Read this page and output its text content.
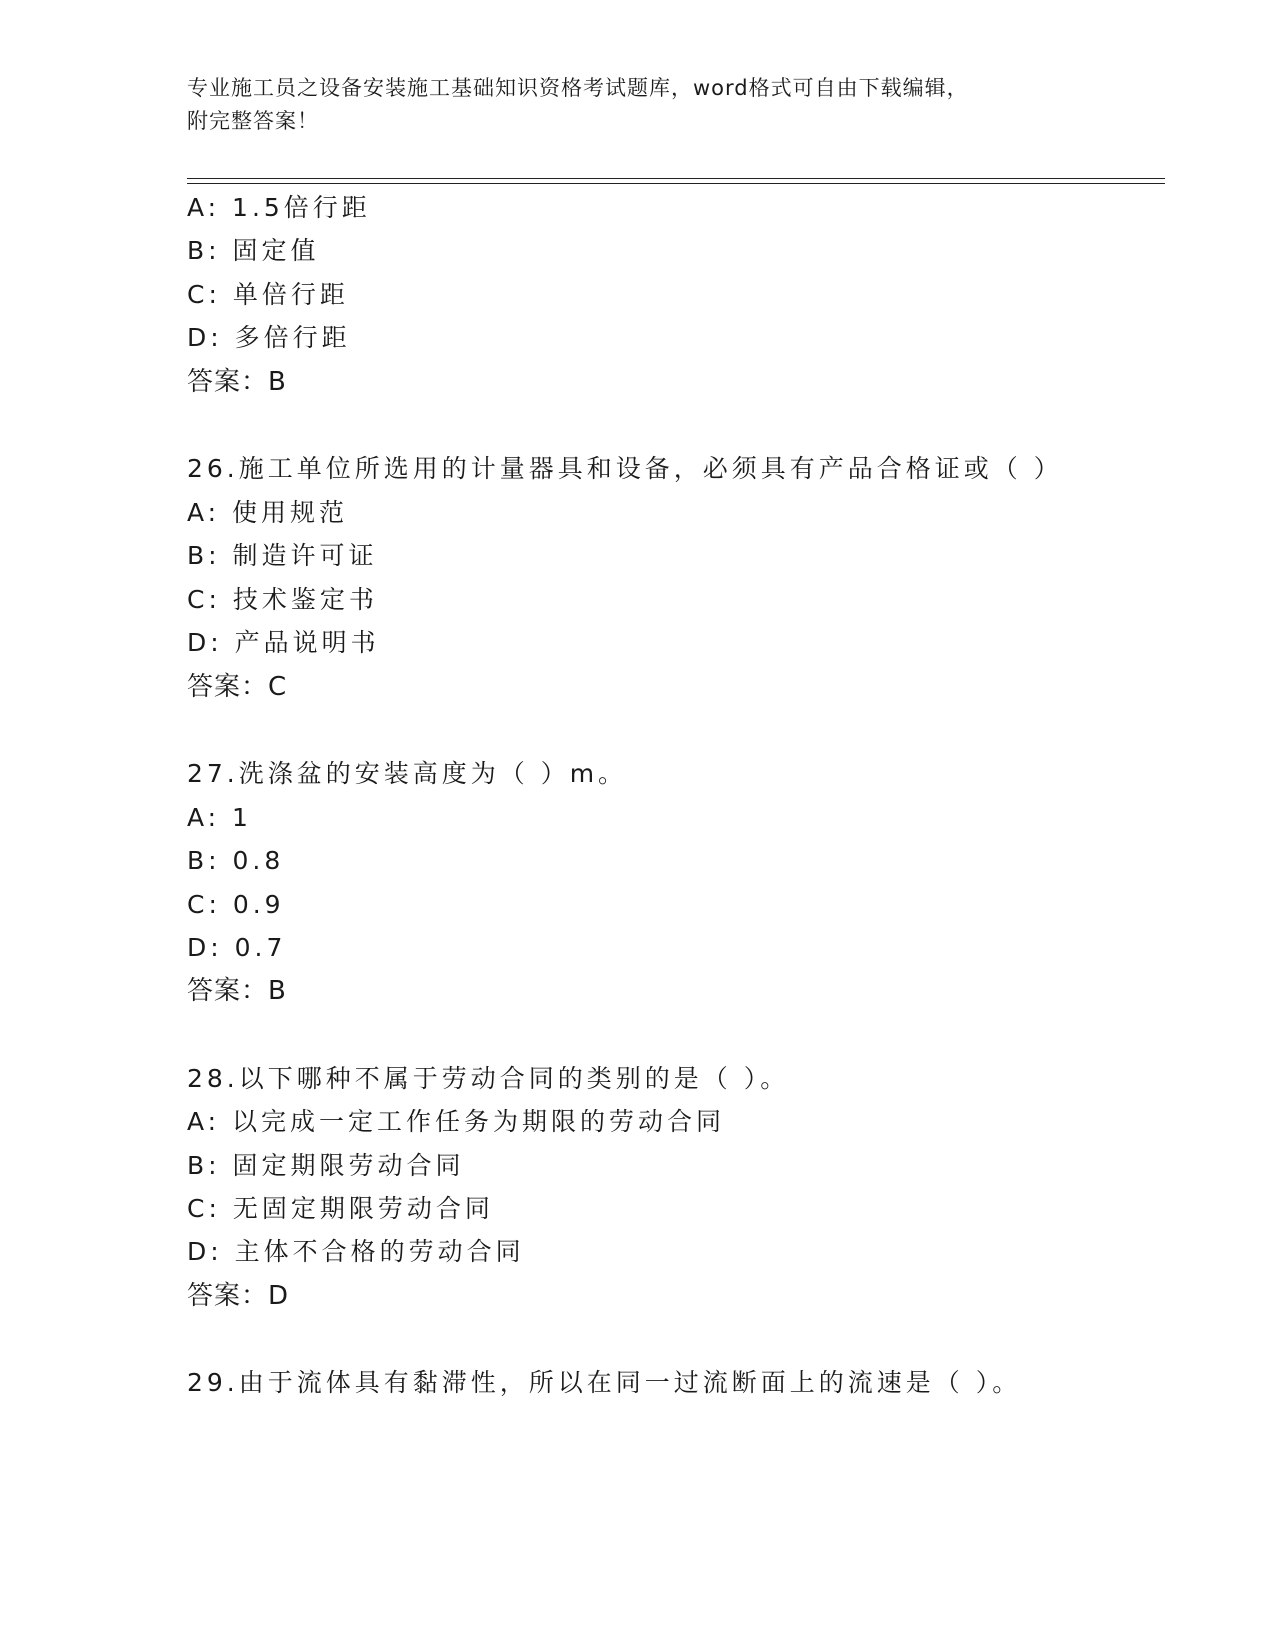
专业施工员之设备安装施工基础知识资格考试题库，word格式可自由下载编辑，
附完整答案！
A: 1.5倍行距
B: 固定值
C: 单倍行距
D: 多倍行距
答案：B
26.施工单位所选用的计量器具和设备，必须具有产品合格证或（ ）
A: 使用规范
B: 制造许可证
C: 技术鉴定书
D: 产品说明书
答案：C
27.洗涤盆的安装高度为（ ）m。
A: 1
B: 0.8
C: 0.9
D: 0.7
答案：B
28.以下哪种不属于劳动合同的类别的是（ ）。
A: 以完成一定工作任务为期限的劳动合同
B: 固定期限劳动合同
C: 无固定期限劳动合同
D: 主体不合格的劳动合同
答案：D
29.由于流体具有黏滞性，所以在同一过流断面上的流速是（ ）。
